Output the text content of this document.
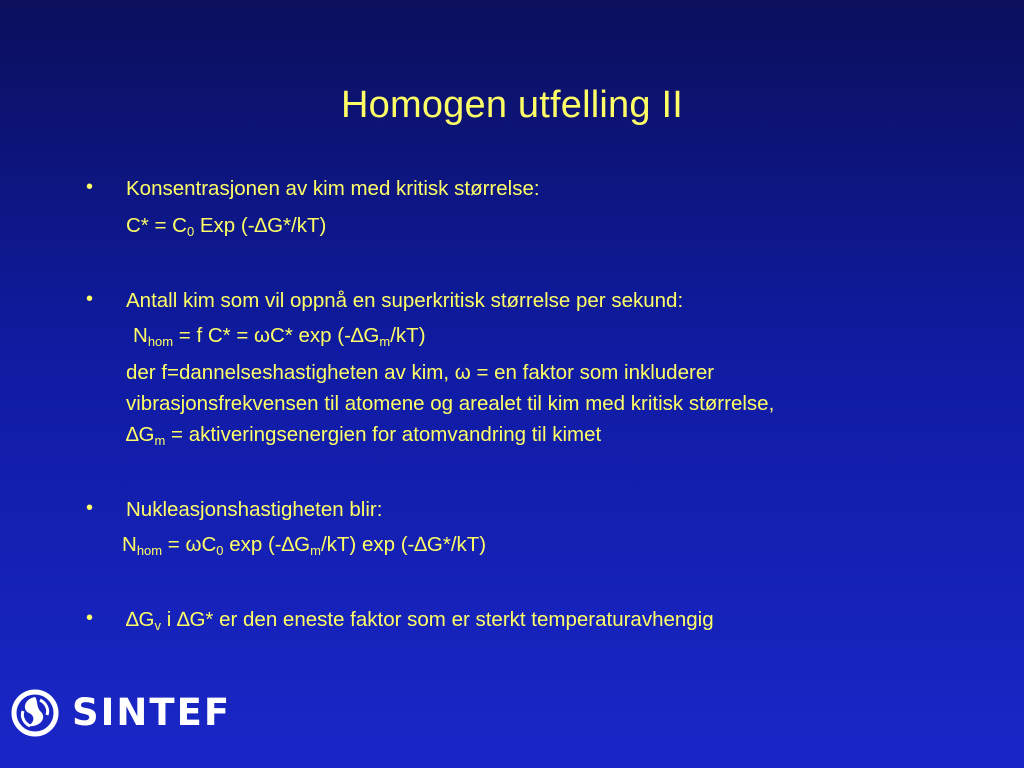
Homogen utfelling II
• Konsentrasjonen av kim med kritisk størrelse:
$C* = C_0$ Exp (-∆G*/kT)
• Antall kim som vil oppnå en superkritisk størrelse per sekund:
$N_{hom} = f$ C* = ωC* $\exp (-\Delta G_m/kT)$
der f=dannelseshastigheten av kim, ω = en faktor som inkluderer
vibrasjonsfrekvensen til atomene og arealet til kim med kritisk størrelse,
$\Delta G_m$ = aktiveringsenergien for atomvandring til kimet
• Nukleasjonshastigheten blir:
$N_{hom} = \omega C_0$ $\exp (-\Delta G_m/kT)$ exp (-∆G*/kT)
• $\Delta G_v$ i ∆G* er den eneste faktor som er sterkt temperaturavhengig
SINTEF
